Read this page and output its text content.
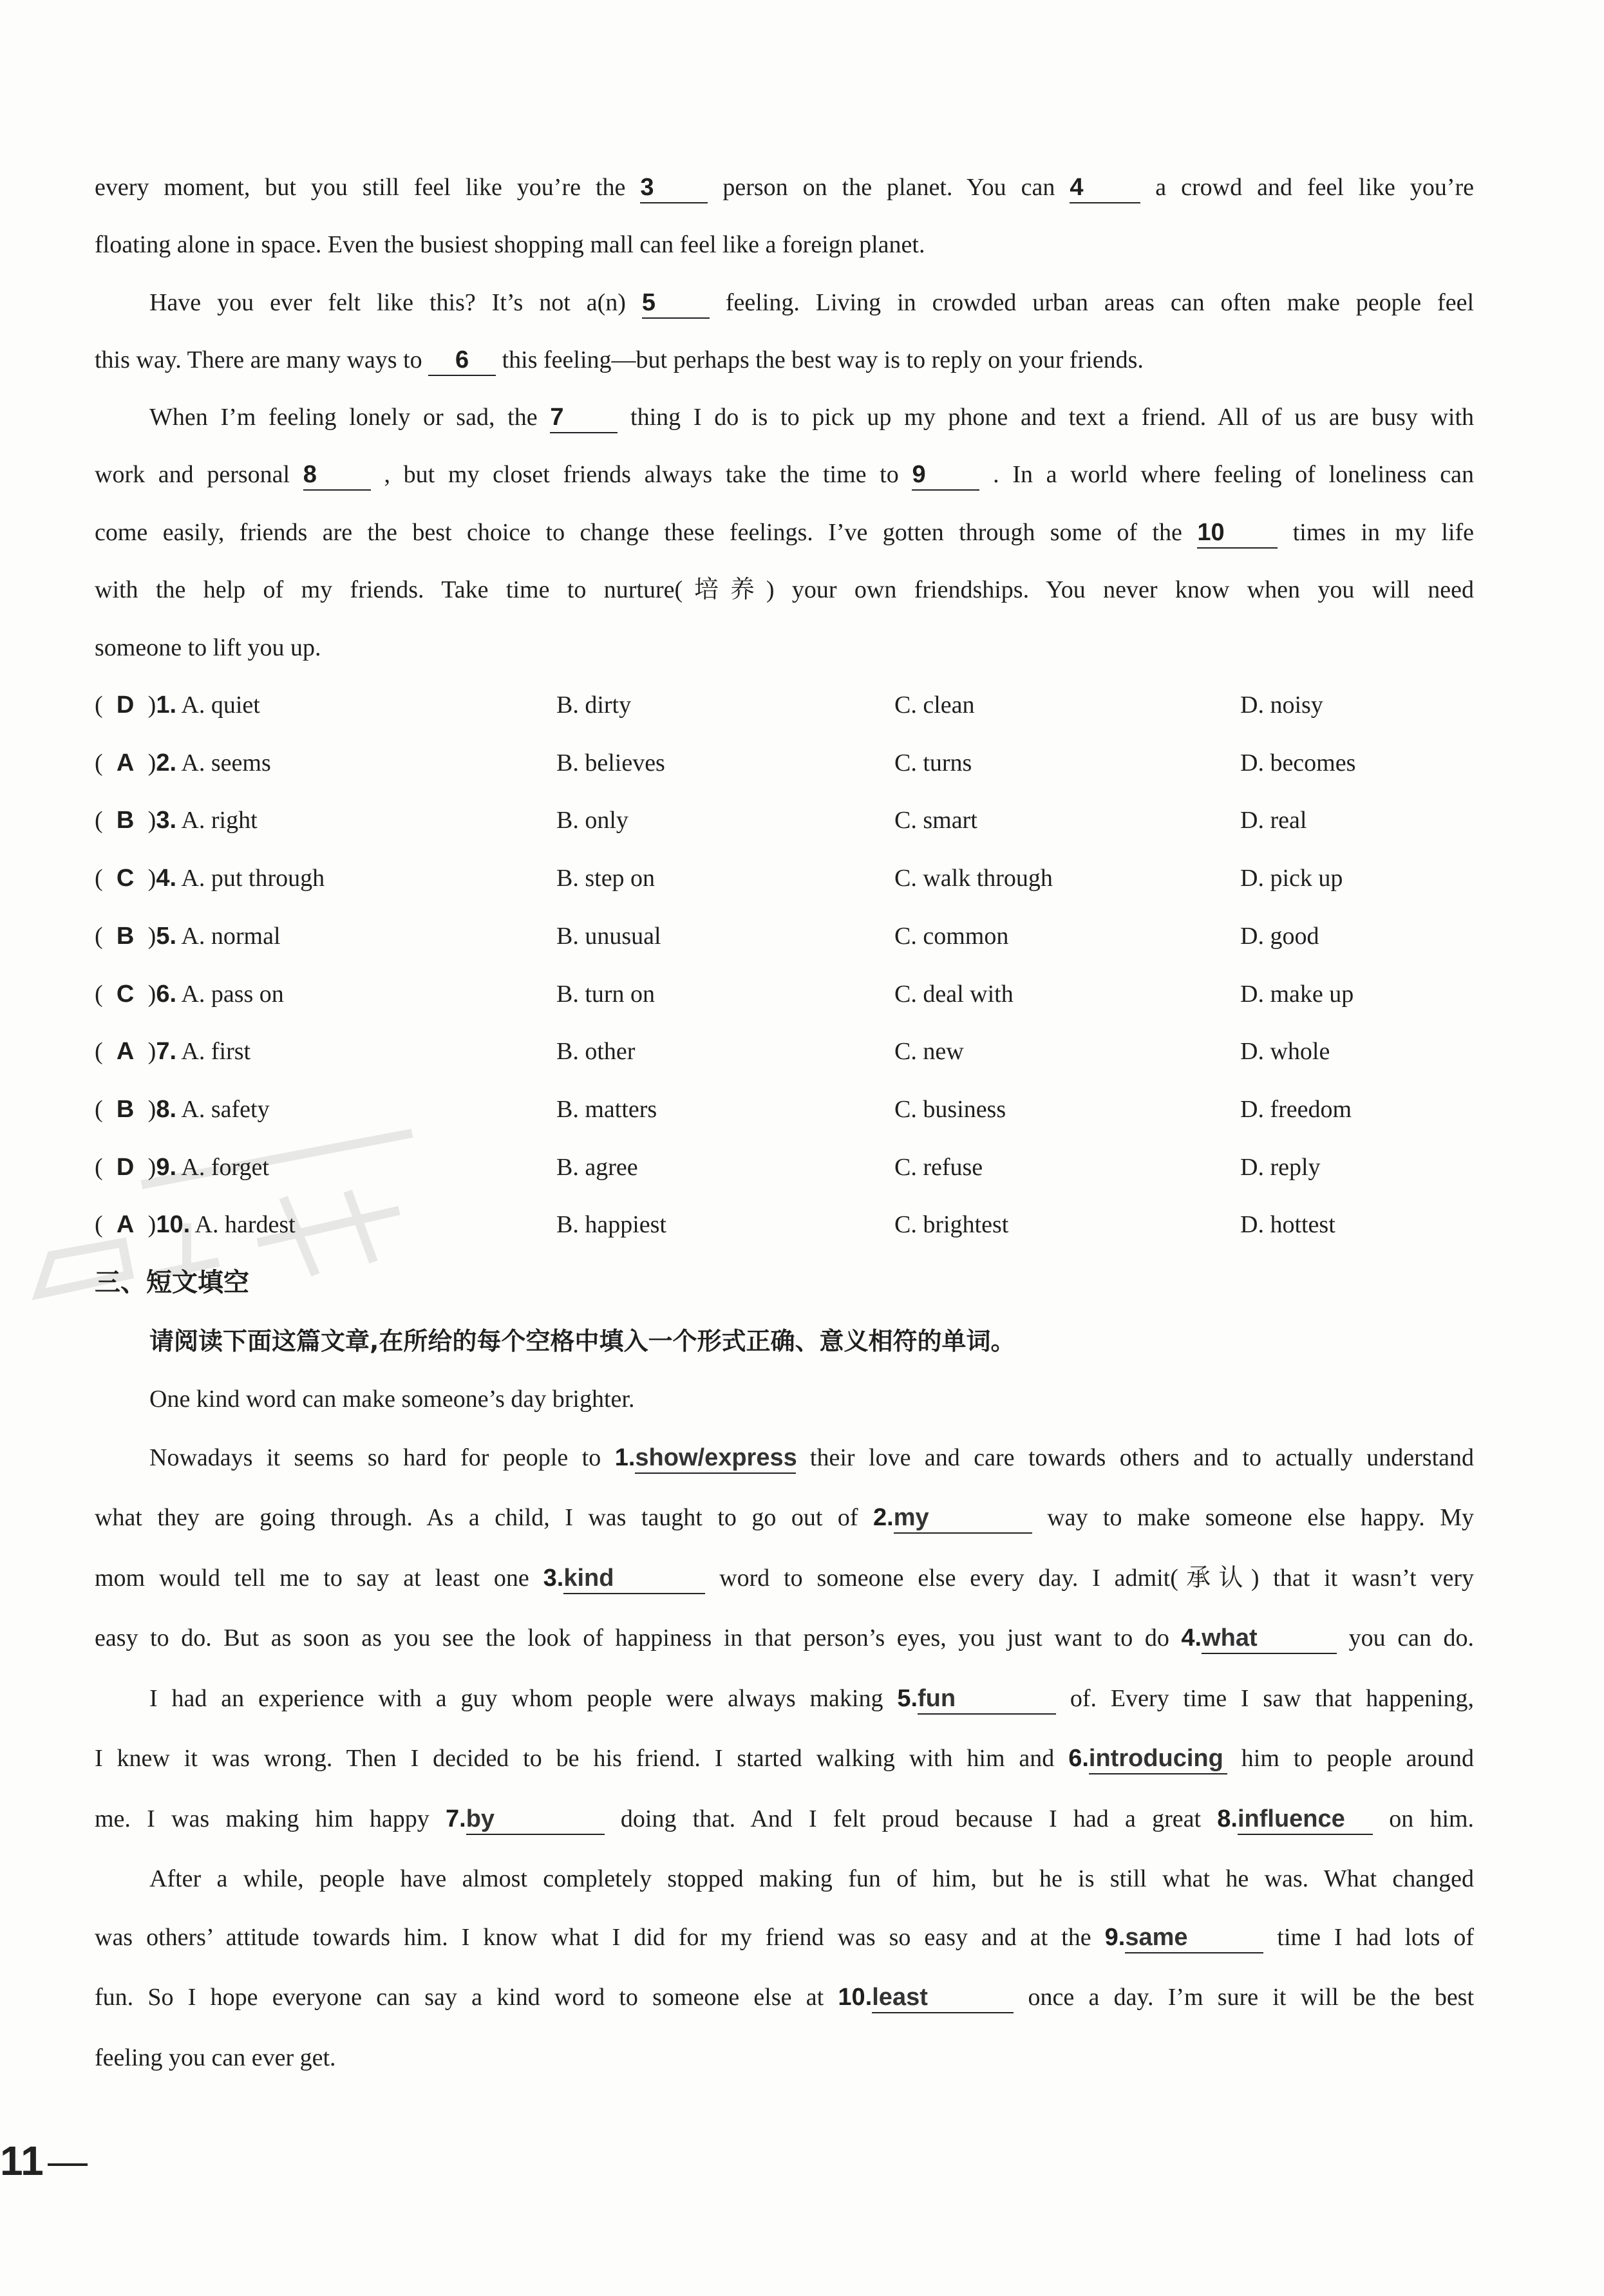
every moment, but you still feel like you’re the 3	person on the planet. You can 4	a crowd and feel like you’re
floating alone in space. Even the busiest shopping mall can feel like a foreign planet.
Have you ever felt like this? It’s not a(n) 5	feeling. Living in crowded urban areas can often make people feel
this way. There are many ways to 6 this feeling—but perhaps the best way is to reply on your friends.
When I’m feeling lonely or sad, the 7	thing I do is to pick up my phone and text a friend. All of us are busy with
work and personal 8	, but my closet friends always take the time to 9	. In a world where feeling of loneliness can
come easily, friends are the best choice to change these feelings. I’ve gotten through some of the 10	times in my life
with the help of my friends. Take time to nurture(培养) your own friendships. You never know when you will need
someone to lift you up.
( D )1. A. quiet	B. dirty	C. clean	D. noisy
( A )2. A. seems	B. believes	C. turns	D. becomes
( B )3. A. right	B. only	C. smart	D. real
( C )4. A. put through	B. step on	C. walk through	D. pick up
( B )5. A. normal	B. unusual	C. common	D. good
( C )6. A. pass on	B. turn on	C. deal with	D. make up
( A )7. A. first	B. other	C. new	D. whole
( B )8. A. safety	B. matters	C. business	D. freedom
( D )9. A. forget	B. agree	C. refuse	D. reply
( A )10. A. hardest	B. happiest	C. brightest	D. hottest
三、短文填空
请阅读下面这篇文章,在所给的每个空格中填入一个形式正确、意义相符的单词。
One kind word can make someone’s day brighter.
Nowadays it seems so hard for people to 1.show/express their love and care towards others and to actually understand
what they are going through. As a child, I was taught to go out of 2.my	way to make someone else happy. My
mom would tell me to say at least one 3.kind	word to someone else every day. I admit(承认) that it wasn’t very
easy to do. But as soon as you see the look of happiness in that person’s eyes, you just want to do 4.what	you can do.
I had an experience with a guy whom people were always making 5.fun	of. Every time I saw that happening,
I knew it was wrong. Then I decided to be his friend. I started walking with him and 6.introducing him to people around
me. I was making him happy 7.by	doing that. And I felt proud because I had a great 8.influence on him.
After a while, people have almost completely stopped making fun of him, but he is still what he was. What changed
was others’ attitude towards him. I know what I did for my friend was so easy and at the 9.same	time I had lots of
fun. So I hope everyone can say a kind word to someone else at 10.least	once a day. I’m sure it will be the best
feeling you can ever get.
11
